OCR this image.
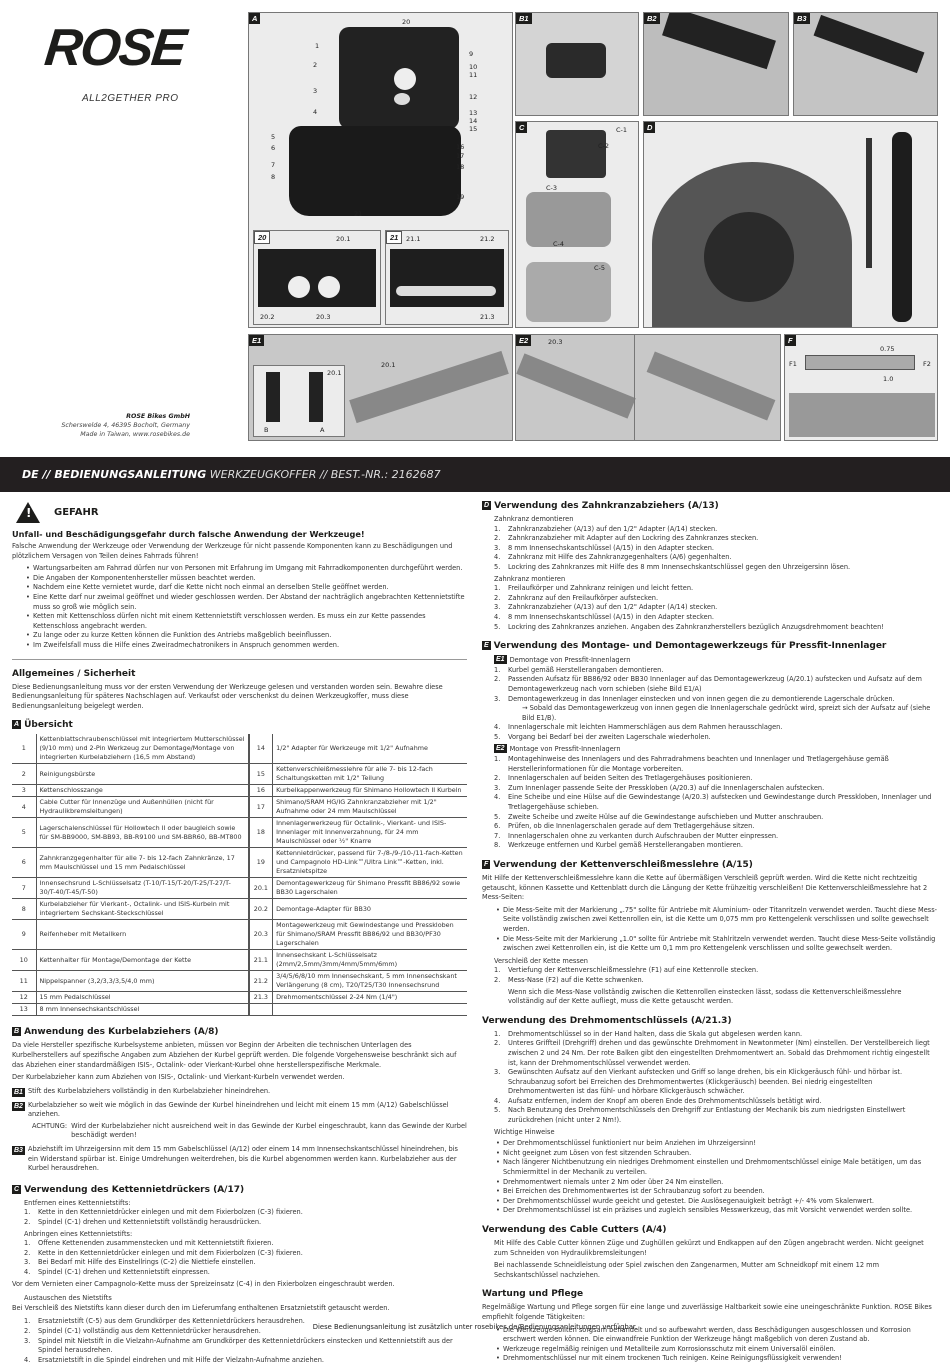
ROSE
ALL2GETHER PRO
ROSE Bikes GmbH
Scherswelde 4, 46395 Bocholt, Germany
Made in Taiwan, www.rosebikes.de
A
1
2
3
4
5
6
7
8
9
10
11
12
13
14
15
16
17
18
19
20
21
20	20.1
20.2	20.3
21	21.1	21.2
21.3
B1	B2	B3
C	C-1
C-2
C-3
C-4
C-5
D
E1
B	A
20.1
20.1
E2	20.3	F
0.75
F1	F2
1.0
DE // BEDIENUNGSANLEITUNG WERKZEUGKOFFER // BEST.-NR.: 2162687
! GEFAHR
Unfall- und Beschädigungsgefahr durch falsche Anwendung der Werkzeuge!

Falsche Anwendung der Werkzeuge oder Verwendung der Werkzeuge für nicht passende Komponenten kann zu Beschädigungen und plötzlichem Versagen von Teilen deines Fahrrads führen!

• Wartungsarbeiten am Fahrrad dürfen nur von Personen mit Erfahrung im Umgang mit Fahrradkomponenten durchgeführt werden.
• Die Angaben der Komponentenhersteller müssen beachtet werden.
• Nachdem eine Kette vernietet wurde, darf die Kette nicht noch einmal an derselben Stelle geöffnet werden.
• Eine Kette darf nur zweimal geöffnet und wieder geschlossen werden. Der Abstand der nachträglich angebrachten Kettennietstifte muss so groß wie möglich sein.
• Ketten mit Kettenschloss dürfen nicht mit einem Kettennietstift verschlossen werden. Es muss ein zur Kette passendes Kettenschloss angebracht werden.
• Zu lange oder zu kurze Ketten können die Funktion des Antriebs maßgeblich beeinflussen.
• Im Zweifelsfall muss die Hilfe eines Zweiradmechatronikers in Anspruch genommen werden.
Allgemeines / Sicherheit

Diese Bedienungsanleitung muss vor der ersten Verwendung der Werkzeuge gelesen und verstanden worden sein. Bewahre diese Bedienungsanleitung für späteres Nachschlagen auf. Verkaufst oder verschenkst du deinen Werkzeugkoffer, muss diese Bedienungsanleitung beigelegt werden.

A Übersicht
1	Kettenblattschraubenschlüssel mit integriertem Mutterschlüssel (9/10 mm) und 2-Pin Werkzeug zur Demontage/Montage von integrierten Kurbelabziehern (16,5 mm Abstand)	14	1/2" Adapter für Werkzeuge mit 1/2" Aufnahme
2	Reinigungsbürste	15	Kettenverschleißmesslehre für alle 7- bis 12-fach Schaltungsketten mit 1/2" Teilung
3	Kettenschlosszange	16	Kurbelkappenwerkzeug für Shimano Hollowtech II Kurbeln
4	Cable Cutter für Innenzüge und Außenhüllen (nicht für Hydraulikbremsleitungen)	17	Shimano/SRAM HG/IG Zahnkranzabzieher mit 1/2" Aufnahme oder 24 mm Maulschlüssel
5	Lagerschalenschlüssel für Hollowtech II oder baugleich sowie für SM-BB9000, SM-BB93, BB-R9100 und SM-BBR60, BB-MT800	18	Innenlagerwerkzeug für Octalink-, Vierkant- und ISIS-Innenlager mit Innenverzahnung, für 24 mm Maulschlüssel oder ½" Knarre
6	Zahnkranzgegenhalter für alle 7- bis 12-fach Zahnkränze, 17 mm Maulschlüssel und 15 mm Pedalschlüssel	19	Kettennietdrücker, passend für 7-/8-/9-/10-/11-fach-Ketten und Campagnolo HD-Link™/Ultra Link™-Ketten, inkl. Ersatznietspitze
7	Innensechsrund L-Schlüsselsatz (T-10/T-15/T-20/T-25/T-27/T-30/T-40/T-45/T-50)	20.1	Demontagewerkzeug für Shimano Pressfit BB86/92 sowie BB30 Lagerschalen
8	Kurbelabzieher für Vierkant-, Octalink- und ISIS-Kurbeln mit integriertem Sechskant-Steckschlüssel	20.2	Demontage-Adapter für BB30
9	Reifenheber mit Metallkern	20.3	Montagewerkzeug mit Gewindestange und Presskloben für Shimano/SRAM Pressfit BB86/92 und BB30/PF30 Lagerschalen
10	Kettenhalter für Montage/Demontage der Kette	21.1	Innensechskant L-Schlüsselsatz (2mm/2,5mm/3mm/4mm/5mm/6mm)
11	Nippelspanner (3,2/3,3/3,5/4,0 mm)	21.2	3/4/5/6/8/10 mm Innensechskant, 5 mm Innensechskant Verlängerung (8 cm), T20/T25/T30 Innensechsrund
12	15 mm Pedalschlüssel	21.3	Drehmomentschlüssel 2-24 Nm (1/4")
13	8 mm Innensechskantschlüssel		
B Anwendung des Kurbelabziehers (A/8)

Da viele Hersteller spezifische Kurbelsysteme anbieten, müssen vor Beginn der Arbeiten die technischen Unterlagen des Kurbelherstellers auf spezifische Angaben zum Abziehen der Kurbel geprüft werden. Die folgende Vorgehensweise beschränkt sich auf das Abziehen einer standardmäßigen ISIS-, Octalink- oder Vierkant-Kurbel ohne herstellerspezifische Merkmale.

Der Kurbelabzieher kann zum Abziehen von ISIS-, Octalink- und Vierkant-Kurbeln verwendet werden.

B1 Stift des Kurbelabziehers vollständig in den Kurbelabzieher hineindrehen.
B2 Kurbelabzieher so weit wie möglich in das Gewinde der Kurbel hineindrehen und leicht mit einem 15 mm (A/12) Gabelschlüssel anziehen.
ACHTUNG: Wird der Kurbelabzieher nicht ausreichend weit in das Gewinde der Kurbel eingeschraubt, kann das Gewinde der Kurbel beschädigt werden!
B3 Abziehstift im Uhrzeigersinn mit dem 15 mm Gabelschlüssel (A/12) oder einem 14 mm Innensechskantschlüssel hineindrehen, bis ein Widerstand spürbar ist. Einige Umdrehungen weiterdrehen, bis die Kurbel abgenommen werden kann. Kurbelabzieher aus der Kurbel herausdrehen.
C Verwendung des Kettennietdrückers (A/17)
Entfernen eines Kettennietstifts:
1.	Kette in den Kettennietdrücker einlegen und mit dem Fixierbolzen (C-3) fixieren.
2.	Spindel (C-1) drehen und Kettennietstift vollständig herausdrücken.
Anbringen eines Kettennietstifts:
1.	Offene Kettenenden zusammenstecken und mit Kettennietstift fixieren.
2.	Kette in den Kettennietdrücker einlegen und mit dem Fixierbolzen (C-3) fixieren.
3.	Bei Bedarf mit Hilfe des Einstellrings (C-2) die Niettiefe einstellen.
4.	Spindel (C-1) drehen und Kettennietstift einpressen.

Vor dem Vernieten einer Campagnolo-Kette muss der Spreizeinsatz (C-4) in den Fixierbolzen eingeschraubt werden.

Austauschen des Nietstifts

Bei Verschleiß des Nietstifts kann dieser durch den im Lieferumfang enthaltenen Ersatznietstift getauscht werden.

1.	Ersatznietstift (C-5) aus dem Grundkörper des Kettennietdrückers herausdrehen.
2.	Spindel (C-1) vollständig aus dem Kettennietdrücker herausdrehen.
3.	Spindel mit Nietstift in die Vielzahn-Aufnahme am Grundkörper des Kettennietdrückers einstecken und Kettennietstift aus der Spindel herausdrehen.
4.	Ersatznietstift in die Spindel eindrehen und mit Hilfe der Vielzahn-Aufnahme anziehen.
D Verwendung des Zahnkranzabziehers (A/13)
Zahnkranz demontieren
1.	Zahnkranzabzieher (A/13) auf den 1/2" Adapter (A/14) stecken.
2.	Zahnkranzabzieher mit Adapter auf den Lockring des Zahnkranzes stecken.
3.	8 mm Innensechskantschlüssel (A/15) in den Adapter stecken.
4.	Zahnkranz mit Hilfe des Zahnkranzgegenhalters (A/6) gegenhalten.
5.	Lockring des Zahnkranzes mit Hilfe des 8 mm Innensechskantschlüssel gegen den Uhrzeigersinn lösen.
Zahnkranz montieren
1.	Freilaufkörper und Zahnkranz reinigen und leicht fetten.
2.	Zahnkranz auf den Freilaufkörper aufstecken.
3.	Zahnkranzabzieher (A/13) auf den 1/2" Adapter (A/14) stecken.
4.	8 mm Innensechskantschlüssel (A/15) in den Adapter stecken.
5.	Lockring des Zahnkranzes anziehen. Angaben des Zahnkranzherstellers bezüglich Anzugsdrehmoment beachten!
E Verwendung des Montage- und Demontagewerkzeugs für Pressfit-Innenlager
E1 Demontage von Pressfit-Innenlagern
1.	Kurbel gemäß Herstellerangaben demontieren.
2.	Passenden Aufsatz für BB86/92 oder BB30 Innenlager auf das Demontagewerkzeug (A/20.1) aufstecken und Aufsatz auf dem Demontagewerkzeug nach vorn schieben (siehe Bild E1/A)
3.	Demontagewerkzeug in das Innenlager einstecken und von innen gegen die zu demontierende Lagerschale drücken.
→ Sobald das Demontagewerkzeug von innen gegen die Innenlagerschale gedrückt wird, spreizt sich der Aufsatz auf (siehe Bild E1/B).
4.	Innenlagerschale mit leichten Hammerschlägen aus dem Rahmen herausschlagen.
5.	Vorgang bei Bedarf bei der zweiten Lagerschale wiederholen.
E2 Montage von Pressfit-Innenlagern
1.	Montagehinweise des Innenlagers und des Fahrradrahmens beachten und Innenlager und Tretlagergehäuse gemäß Herstellerinformationen für die Montage vorbereiten.
2.	Innenlagerschalen auf beiden Seiten des Tretlagergehäuses positionieren.
3.	Zum Innenlager passende Seite der Presskloben (A/20.3) auf die Innenlagerschalen aufstecken.
4.	Eine Scheibe und eine Hülse auf die Gewindestange (A/20.3) aufstecken und Gewindestange durch Presskloben, Innenlager und Tretlagergehäuse schieben.
5.	Zweite Scheibe und zweite Hülse auf die Gewindestange aufschieben und Mutter anschrauben.
6.	Prüfen, ob die Innenlagerschalen gerade auf dem Tretlagergehäuse sitzen.
7.	Innenlagerschalen ohne zu verkanten durch Aufschrauben der Mutter einpressen.
8.	Werkzeuge entfernen und Kurbel gemäß Herstellerangaben montieren.
F Verwendung der Kettenverschleißmesslehre (A/15)

Mit Hilfe der Kettenverschleißmesslehre kann die Kette auf übermäßigen Verschleiß geprüft werden. Wird die Kette nicht rechtzeitig getauscht, können Kassette und Kettenblatt durch die Längung der Kette frühzeitig verschleißen! Die Kettenverschleißmesslehre hat 2 Mess-Seiten:

• Die Mess-Seite mit der Markierung „.75" sollte für Antriebe mit Aluminium- oder Titanritzeln verwendet werden. Taucht diese Mess-Seite vollständig zwischen zwei Kettenrollen ein, ist die Kette um 0,075 mm pro Kettengelenk verschlissen und sollte gewechselt werden.
• Die Mess-Seite mit der Markierung „1.0" sollte für Antriebe mit Stahlritzeln verwendet werden. Taucht diese Mess-Seite vollständig zwischen zwei Kettenrollen ein, ist die Kette um 0,1 mm pro Kettengelenk verschlissen und sollte gewechselt werden.
Verschleiß der Kette messen
1.	Vertiefung der Kettenverschleißmesslehre (F1) auf eine Kettenrolle stecken.
2.	Mess-Nase (F2) auf die Kette schwenken.

Wenn sich die Mess-Nase vollständig zwischen die Kettenrollen einstecken lässt, sodass die Kettenverschleißmesslehre vollständig auf der Kette aufliegt, muss die Kette getauscht werden.

Verwendung des Drehmomentschlüssels (A/21.3)
1.	Drehmomentschlüssel so in der Hand halten, dass die Skala gut abgelesen werden kann.
2.	Unteres Griffteil (Drehgriff) drehen und das gewünschte Drehmoment in Newtonmeter (Nm) einstellen. Der Verstellbereich liegt zwischen 2 und 24 Nm. Der rote Balken gibt den eingestellten Drehmomentwert an. Sobald das Drehmoment richtig eingestellt ist, kann der Drehmomentschlüssel verwendet werden.
3.	Gewünschten Aufsatz auf den Vierkant aufstecken und Griff so lange drehen, bis ein Klickgeräusch fühl- und hörbar ist. Schraubanzug sofort bei Erreichen des Drehmomentwertes (Klickgeräusch) beenden. Bei niedrig eingestellten Drehmomentwerten ist das fühl- und hörbare Klickgeräusch schwächer.
4.	Aufsatz entfernen, indem der Knopf am oberen Ende des Drehmomentschlüssels betätigt wird.
5.	Nach Benutzung des Drehmomentschlüssels den Drehgriff zur Entlastung der Mechanik bis zum niedrigsten Einstellwert zurückdrehen (nicht unter 2 Nm!).
Wichtige Hinweise
• Der Drehmomentschlüssel funktioniert nur beim Anziehen im Uhrzeigersinn!
• Nicht geeignet zum Lösen von fest sitzenden Schrauben.
• Nach längerer Nichtbenutzung ein niedriges Drehmoment einstellen und Drehmomentschlüssel einige Male betätigen, um das Schmiermittel in der Mechanik zu verteilen.
• Drehmomentwert niemals unter 2 Nm oder über 24 Nm einstellen.
• Bei Erreichen des Drehmomentwertes ist der Schraubanzug sofort zu beenden.
• Der Drehmomentschlüssel wurde geeicht und getestet. Die Auslösegenauigkeit beträgt +/- 4% vom Skalenwert.
• Der Drehmomentschlüssel ist ein präzises und zugleich sensibles Messwerkzeug, das mit Vorsicht verwendet werden sollte.
Verwendung des Cable Cutters (A/4)

Mit Hilfe des Cable Cutter können Züge und Zughüllen gekürzt und Endkappen auf den Zügen angebracht werden. Nicht geeignet zum Schneiden von Hydraulikbremsleitungen!

Bei nachlassende Schneidleistung oder Spiel zwischen den Zangenarmen, Mutter am Schneidkopf mit einem 12 mm Sechskantschlüssel nachziehen.

Wartung und Pflege

Regelmäßige Wartung und Pflege sorgen für eine lange und zuverlässige Haltbarkeit sowie eine uneingeschränkte Funktion. ROSE Bikes empfiehlt folgende Tätigkeiten:

• Die Werkzeuge sollten sorgsam behandelt und so aufbewahrt werden, dass Beschädigungen ausgeschlossen und Korrosion erschwert werden können. Die einwandfreie Funktion der Werkzeuge hängt maßgeblich von deren Zustand ab.
• Werkzeuge regelmäßig reinigen und Metallteile zum Korrosionsschutz mit einem Universalöl einölen.
• Drehmomentschlüssel nur mit einem trockenen Tuch reinigen. Keine Reinigungsflüssigkeit verwenden!
Diese Bedienungsanleitung ist zusätzlich unter rosebikes.de/Bedienungsanleitungen verfügbar.
